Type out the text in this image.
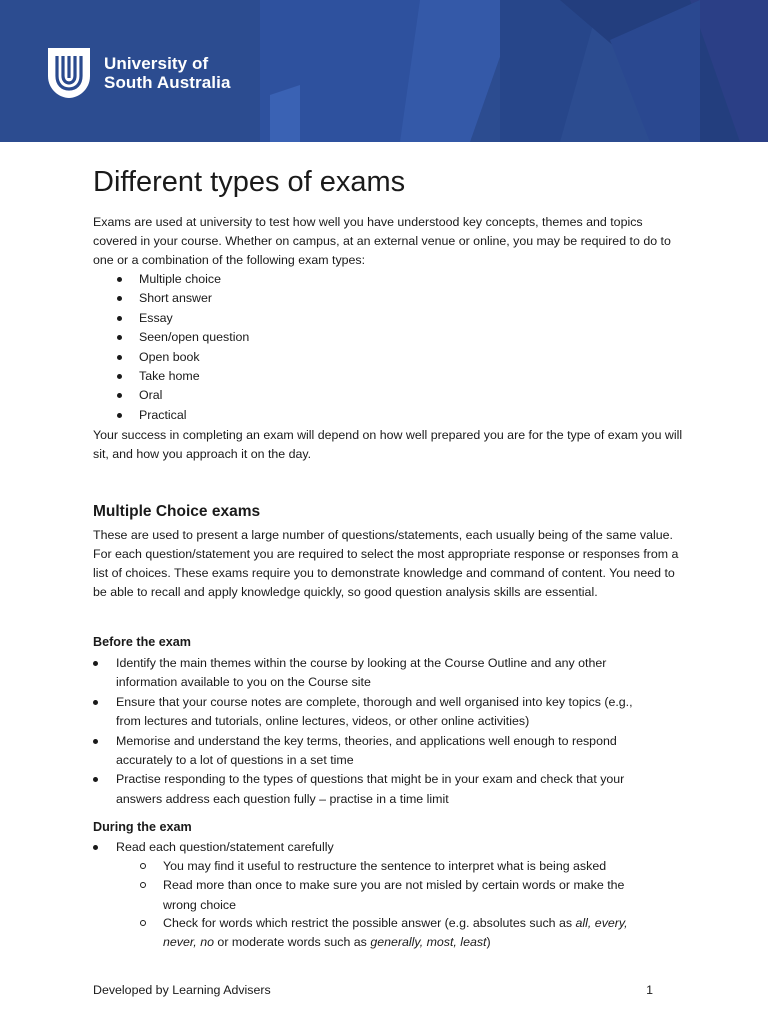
University of
South Australia
Different types of exams

Exams are used at university to test how well you have understood key concepts, themes and topics covered in your course. Whether on campus, at an external venue or online, you may be required to do to one or a combination of the following exam types:

Multiple choice
Short answer
Essay
Seen/open question
Open book
Take home
Oral
Practical

Your success in completing an exam will depend on how well prepared you are for the type of exam you will sit, and how you approach it on the day.

Multiple Choice exams

These are used to present a large number of questions/statements, each usually being of the same value. For each question/statement you are required to select the most appropriate response or responses from a list of choices. These exams require you to demonstrate knowledge and command of content. You need to be able to recall and apply knowledge quickly, so good question analysis skills are essential.

Before the exam
Identify the main themes within the course by looking at the Course Outline and any other information available to you on the Course site
Ensure that your course notes are complete, thorough and well organised into key topics (e.g., from lectures and tutorials, online lectures, videos, or other online activities)
Memorise and understand the key terms, theories, and applications well enough to respond accurately to a lot of questions in a set time
Practise responding to the types of questions that might be in your exam and check that your answers address each question fully – practise in a time limit
During the exam
Read each question/statement carefully
You may find it useful to restructure the sentence to interpret what is being asked
Read more than once to make sure you are not misled by certain words or make the wrong choice
Check for words which restrict the possible answer (e.g. absolutes such as all, every, never, no or moderate words such as generally, most, least)
Developed by Learning Advisers	1
